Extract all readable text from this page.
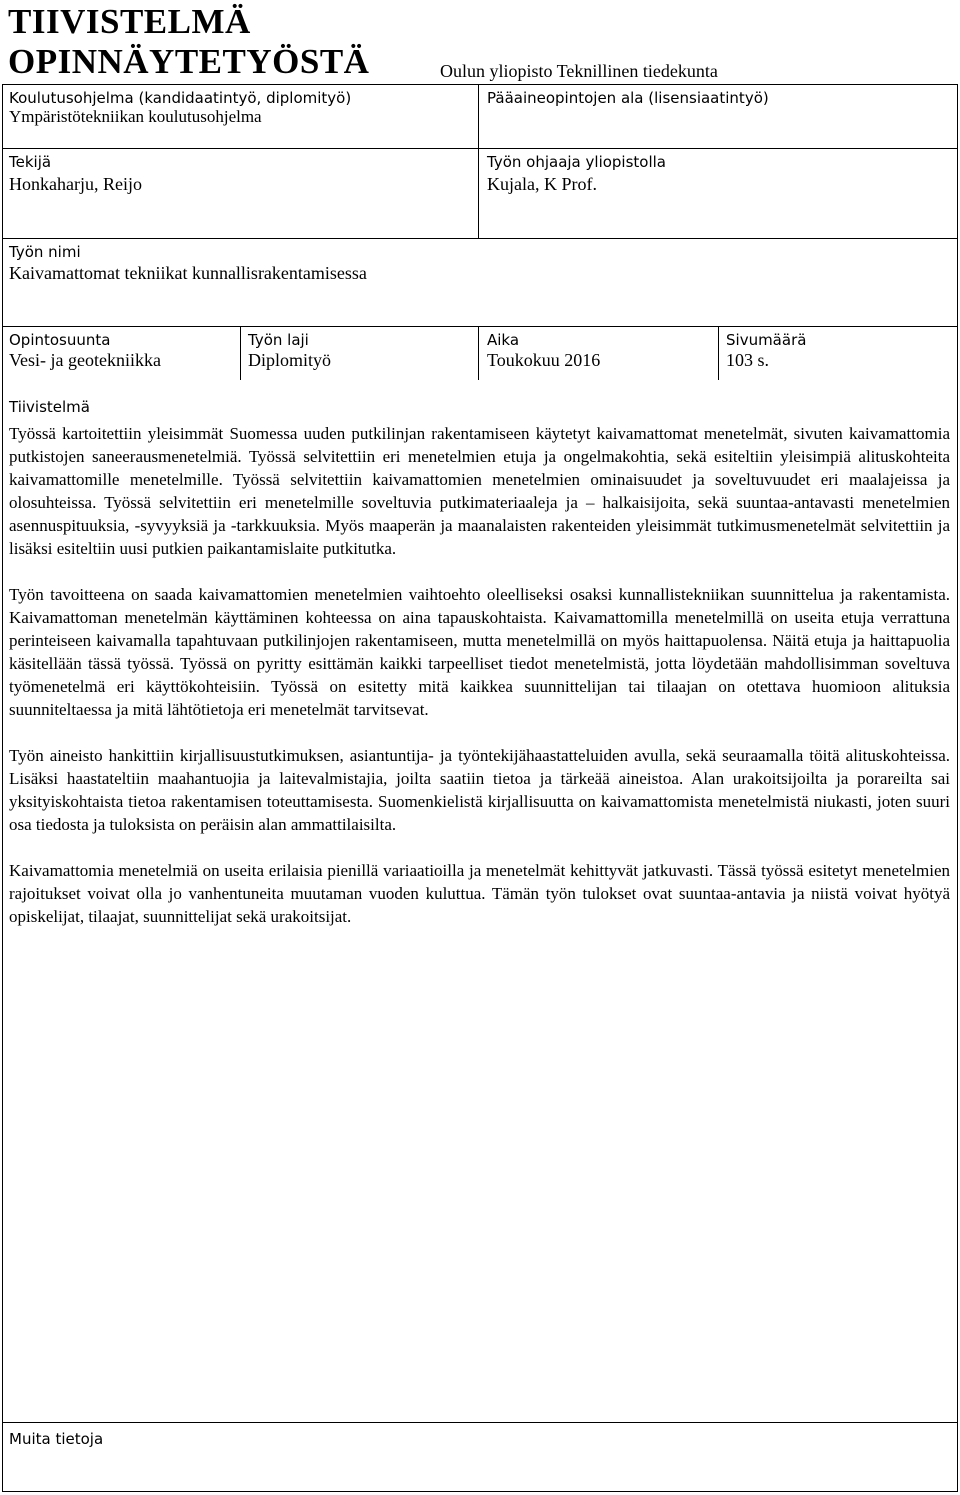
TIIVISTELMÄ
OPINNÄYTETYÖSTÄ	Oulun yliopisto Teknillinen tiedekunta
Koulutusohjelma (kandidaatintyö, diplomityö)
Ympäristötekniikan koulutusohjelma
Pääaineopintojen ala (lisensiaatintyö)
Tekijä
Honkaharju, Reijo
Työn ohjaaja yliopistolla
Kujala, K Prof.
Työn nimi
Kaivamattomat tekniikat kunnallisrakentamisessa
Opintosuunta
Vesi- ja geotekniikka
Työn laji
Diplomityö
Aika
Toukokuu 2016
Sivumäärä
103 s.
Tiivistelmä

Työssä kartoitettiin yleisimmät Suomessa uuden putkilinjan rakentamiseen käytetyt kaivamattomat menetelmät, sivuten kaivamattomia putkistojen saneerausmenetelmiä. Työssä selvitettiin eri menetelmien etuja ja ongelmakohtia, sekä esiteltiin yleisimpiä alituskohteita kaivamattomille menetelmille. Työssä selvitettiin kaivamattomien menetelmien ominaisuudet ja soveltuvuudet eri maalajeissa ja olosuhteissa. Työssä selvitettiin eri menetelmille soveltuvia putkimateriaaleja ja – halkaisijoita, sekä suuntaa-antavasti menetelmien asennuspituuksia, -syvyyksiä ja -tarkkuuksia. Myös maaperän ja maanalaisten rakenteiden yleisimmät tutkimusmenetelmät selvitettiin ja lisäksi esiteltiin uusi putkien paikantamislaite putkitutka.

Työn tavoitteena on saada kaivamattomien menetelmien vaihtoehto oleelliseksi osaksi kunnallistekniikan suunnittelua ja rakentamista. Kaivamattoman menetelmän käyttäminen kohteessa on aina tapauskohtaista. Kaivamattomilla menetelmillä on useita etuja verrattuna perinteiseen kaivamalla tapahtuvaan putkilinjojen rakentamiseen, mutta menetelmillä on myös haittapuolensa. Näitä etuja ja haittapuolia käsitellään tässä työssä. Työssä on pyritty esittämän kaikki tarpeelliset tiedot menetelmistä, jotta löydetään mahdollisimman soveltuva työmenetelmä eri käyttökohteisiin. Työssä on esitetty mitä kaikkea suunnittelijan tai tilaajan on otettava huomioon alituksia suunniteltaessa ja mitä lähtötietoja eri menetelmät tarvitsevat.

Työn aineisto hankittiin kirjallisuustutkimuksen, asiantuntija- ja työntekijähaastatteluiden avulla, sekä seuraamalla töitä alituskohteissa. Lisäksi haastateltiin maahantuojia ja laitevalmistajia, joilta saatiin tietoa ja tärkeää aineistoa. Alan urakoitsijoilta ja porareilta sai yksityiskohtaista tietoa rakentamisen toteuttamisesta. Suomenkielistä kirjallisuutta on kaivamattomista menetelmistä niukasti, joten suuri osa tiedosta ja tuloksista on peräisin alan ammattilaisilta.

Kaivamattomia menetelmiä on useita erilaisia pienillä variaatioilla ja menetelmät kehittyvät jatkuvasti. Tässä työssä esitetyt menetelmien rajoitukset voivat olla jo vanhentuneita muutaman vuoden kuluttua. Tämän työn tulokset ovat suuntaa-antavia ja niistä voivat hyötyä opiskelijat, tilaajat, suunnittelijat sekä urakoitsijat.

Muita tietoja
